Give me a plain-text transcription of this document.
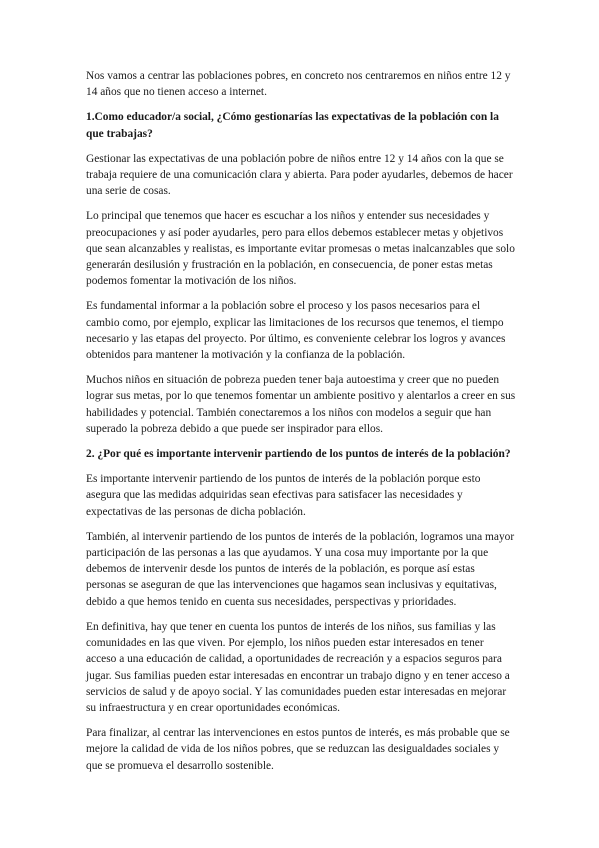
Nos vamos a centrar las poblaciones pobres, en concreto nos centraremos en niños entre 12 y 14 años que no tienen acceso a internet.

1.Como educador/a social, ¿Cómo gestionarías las expectativas de la población con la que trabajas?

Gestionar las expectativas de una población pobre de niños entre 12 y 14 años con la que se trabaja requiere de una comunicación clara y abierta. Para poder ayudarles, debemos de hacer una serie de cosas.

Lo principal que tenemos que hacer es escuchar a los niños y entender sus necesidades y preocupaciones y así poder ayudarles, pero para ellos debemos establecer metas y objetivos que sean alcanzables y realistas, es importante evitar promesas o metas inalcanzables que solo generarán desilusión y frustración en la población, en consecuencia, de poner estas metas podemos fomentar la motivación de los niños.

Es fundamental informar a la población sobre el proceso y los pasos necesarios para el cambio como, por ejemplo, explicar las limitaciones de los recursos que tenemos, el tiempo necesario y las etapas del proyecto. Por último, es conveniente celebrar los logros y avances obtenidos para mantener la motivación y la confianza de la población.

Muchos niños en situación de pobreza pueden tener baja autoestima y creer que no pueden lograr sus metas, por lo que tenemos fomentar un ambiente positivo y alentarlos a creer en sus habilidades y potencial. También conectaremos a los niños con modelos a seguir que han superado la pobreza debido a que puede ser inspirador para ellos.

2. ¿Por qué es importante intervenir partiendo de los puntos de interés de la población?

Es importante intervenir partiendo de los puntos de interés de la población porque esto asegura que las medidas adquiridas sean efectivas para satisfacer las necesidades y expectativas de las personas de dicha población.

También, al intervenir partiendo de los puntos de interés de la población, logramos una mayor participación de las personas a las que ayudamos. Y una cosa muy importante por la que debemos de intervenir desde los puntos de interés de la población, es porque así estas personas se aseguran de que las intervenciones que hagamos sean inclusivas y equitativas, debido a que hemos tenido en cuenta sus necesidades, perspectivas y prioridades.

En definitiva, hay que tener en cuenta los puntos de interés de los niños, sus familias y las comunidades en las que viven. Por ejemplo, los niños pueden estar interesados en tener acceso a una educación de calidad, a oportunidades de recreación y a espacios seguros para jugar. Sus familias pueden estar interesadas en encontrar un trabajo digno y en tener acceso a servicios de salud y de apoyo social. Y las comunidades pueden estar interesadas en mejorar su infraestructura y en crear oportunidades económicas.

Para finalizar, al centrar las intervenciones en estos puntos de interés, es más probable que se mejore la calidad de vida de los niños pobres, que se reduzcan las desigualdades sociales y que se promueva el desarrollo sostenible.
